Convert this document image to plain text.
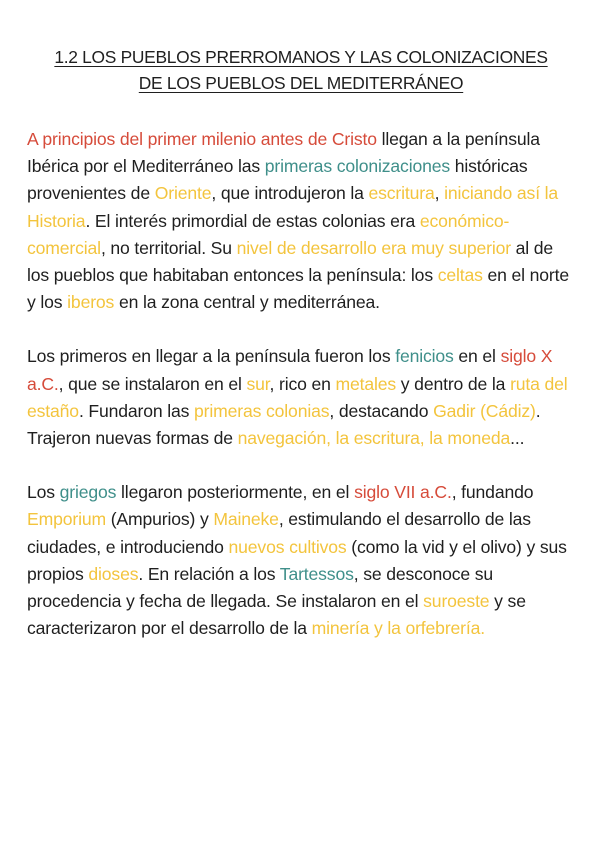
1.2 LOS PUEBLOS PRERROMANOS Y LAS COLONIZACIONES
DE LOS PUEBLOS DEL MEDITERRÁNEO

A principios del primer milenio antes de Cristo llegan a la península Ibérica por el Mediterráneo las primeras colonizaciones históricas provenientes de Oriente, que introdujeron la escritura, iniciando así la Historia. El interés primordial de estas colonias era económico-comercial, no territorial. Su nivel de desarrollo era muy superior al de los pueblos que habitaban entonces la península: los celtas en el norte y los iberos en la zona central y mediterránea.

Los primeros en llegar a la península fueron los fenicios en el siglo X a.C., que se instalaron en el sur, rico en metales y dentro de la ruta del estaño. Fundaron las primeras colonias, destacando Gadir (Cádiz). Trajeron nuevas formas de navegación, la escritura, la moneda...

Los griegos llegaron posteriormente, en el siglo VII a.C., fundando Emporium (Ampurios) y Maineke, estimulando el desarrollo de las ciudades, e introduciendo nuevos cultivos (como la vid y el olivo) y sus propios dioses. En relación a los Tartessos, se desconoce su procedencia y fecha de llegada. Se instalaron en el suroeste y se caracterizaron por el desarrollo de la minería y la orfebrería.
